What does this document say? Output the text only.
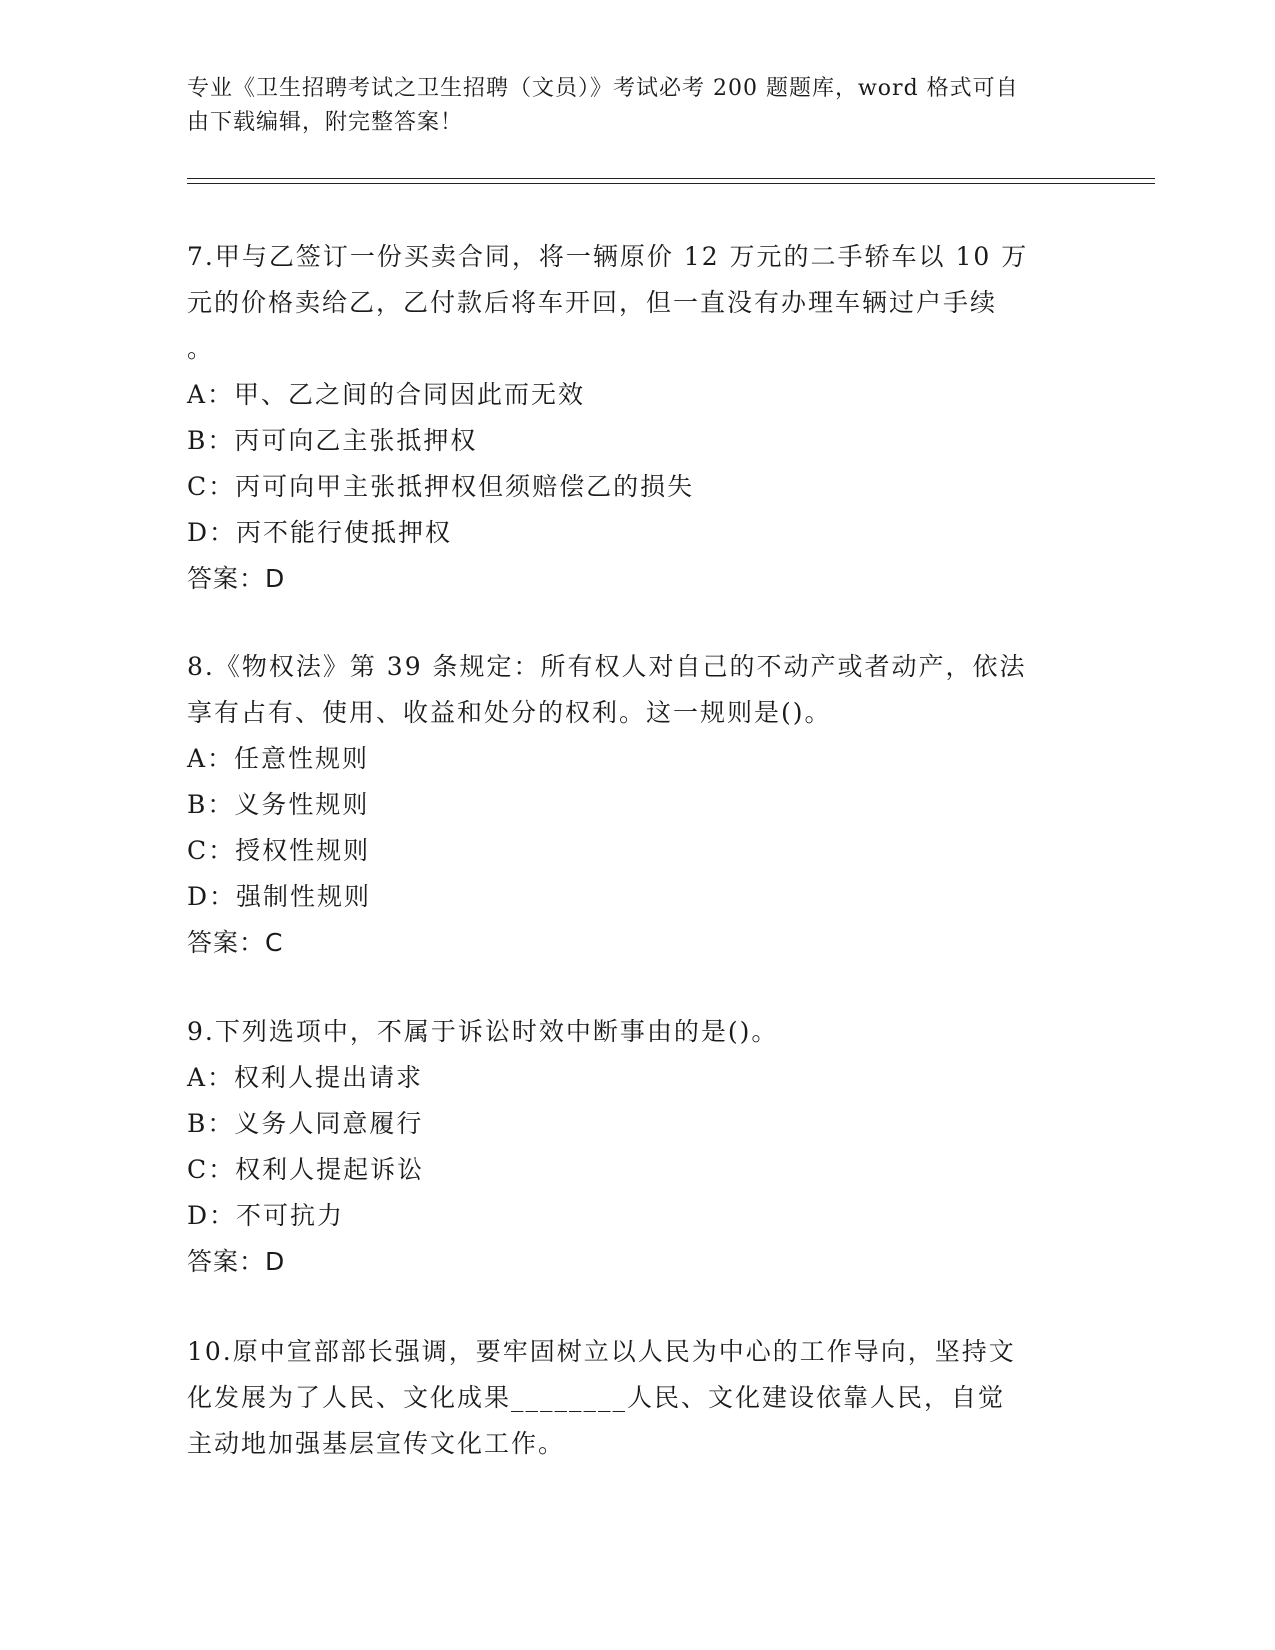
专业《卫生招聘考试之卫生招聘（文员）》考试必考 200 题题库，word 格式可自
由下载编辑，附完整答案！
7.甲与乙签订一份买卖合同，将一辆原价 12 万元的二手轿车以 10 万
元的价格卖给乙，乙付款后将车开回，但一直没有办理车辆过户手续
。
A：甲、乙之间的合同因此而无效
B：丙可向乙主张抵押权
C：丙可向甲主张抵押权但须赔偿乙的损失
D：丙不能行使抵押权
答案：D
8.《物权法》第 39 条规定：所有权人对自己的不动产或者动产，依法
享有占有、使用、收益和处分的权利。这一规则是()。
A：任意性规则
B：义务性规则
C：授权性规则
D：强制性规则
答案：C
9.下列选项中，不属于诉讼时效中断事由的是()。
A：权利人提出请求
B：义务人同意履行
C：权利人提起诉讼
D：不可抗力
答案：D
10.原中宣部部长强调，要牢固树立以人民为中心的工作导向，坚持文
化发展为了人民、文化成果________人民、文化建设依靠人民，自觉
主动地加强基层宣传文化工作。
